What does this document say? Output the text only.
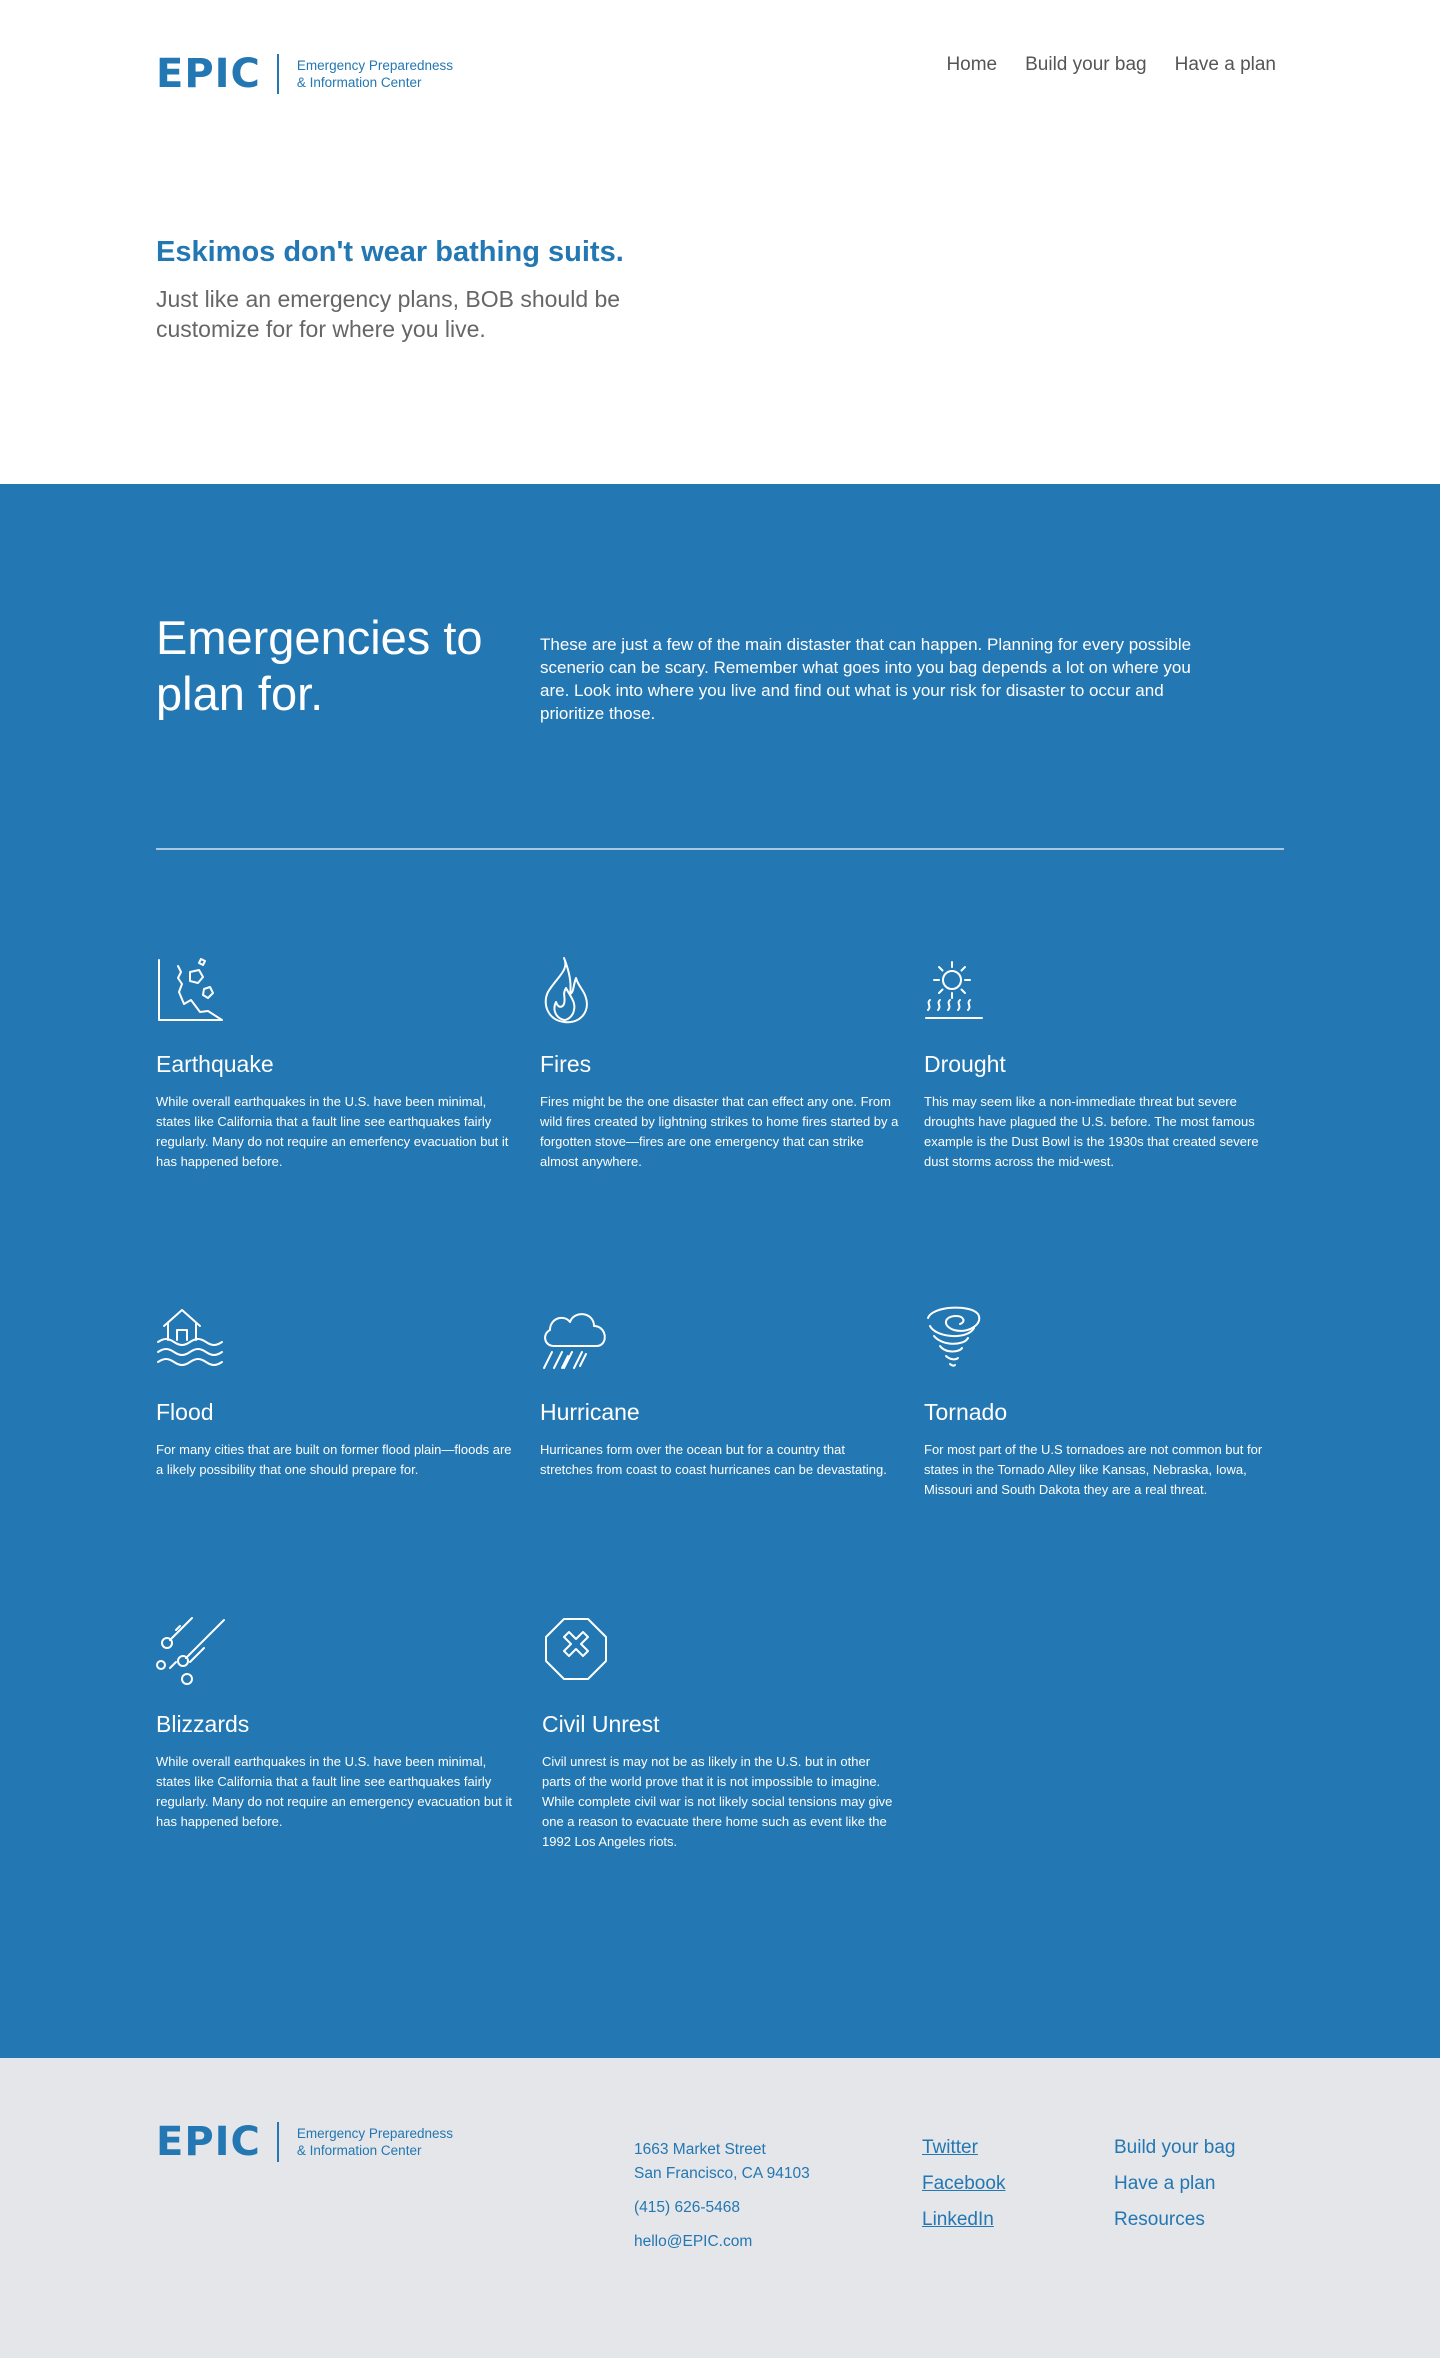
EPIC	Emergency Preparedness
& Information Center
Home Build your bag Have a plan
Eskimos don't wear bathing suits.

Just like an emergency plans, BOB should be customize for for where you live.

Emergencies to plan for.

These are just a few of the main distaster that can happen. Planning for every possible scenerio can be scary. Remember what goes into you bag depends a lot on where you are. Look into where you live and find out what is your risk for disaster to occur and prioritize those.

Earthquake

While overall earthquakes in the U.S. have been minimal, states like California that a fault line see earthquakes fairly regularly. Many do not require an emerfency evacuation but it has happened before.

Fires

Fires might be the one disaster that can effect any one. From wild fires created by lightning strikes to home fires started by a forgotten stove—fires are one emergency that can strike almost anywhere.

Drought

This may seem like a non-immediate threat but severe droughts have plagued the U.S. before. The most famous example is the Dust Bowl is the 1930s that created severe dust storms across the mid-west.

Flood

For many cities that are built on former flood plain—floods are a likely possibility that one should prepare for.

Hurricane

Hurricanes form over the ocean but for a country that stretches from coast to coast hurricanes can be devastating.

Tornado

For most part of the U.S tornadoes are not common but for states in the Tornado Alley like Kansas, Nebraska, Iowa, Missouri and South Dakota they are a real threat.

Blizzards

While overall earthquakes in the U.S. have been minimal, states like California that a fault line see earthquakes fairly regularly. Many do not require an emergency evacuation but it has happened before.

Civil Unrest

Civil unrest is may not be as likely in the U.S. but in other parts of the world prove that it is not impossible to imagine. While complete civil war is not likely social tensions may give one a reason to evacuate there home such as event like the 1992 Los Angeles riots.

EPIC	Emergency Preparedness
& Information Center	1663 Market Street
San Francisco, CA 94103

(415) 626-5468

hello@EPIC.com

Twitter
Facebook
LinkedIn
Build your bag
Have a plan
Resources
